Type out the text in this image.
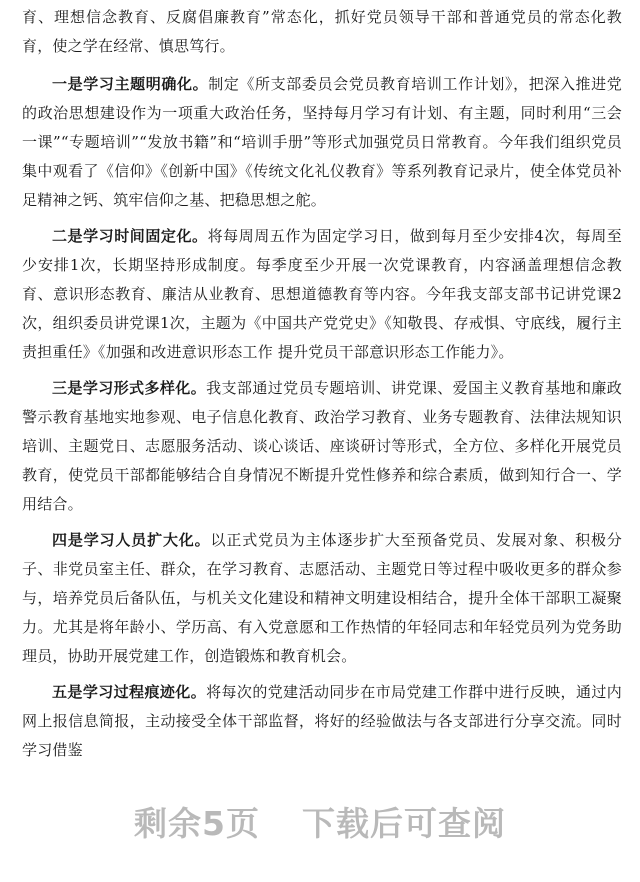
育、理想信念教育、反腐倡廉教育”常态化，抓好党员领导干部和普通党员的常态化教育，使之学在经常、慎思笃行。

一是学习主题明确化。制定《所支部委员会党员教育培训工作计划》，把深入推进党的政治思想建设作为一项重大政治任务，坚持每月学习有计划、有主题，同时利用“三会一课”“专题培训”“发放书籍”和“培训手册”等形式加强党员日常教育。今年我们组织党员集中观看了《信仰》《创新中国》《传统文化礼仪教育》等系列教育记录片，使全体党员补足精神之钙、筑牢信仰之基、把稳思想之舵。

二是学习时间固定化。将每周周五作为固定学习日，做到每月至少安排4次，每周至少安排1次，长期坚持形成制度。每季度至少开展一次党课教育，内容涵盖理想信念教育、意识形态教育、廉洁从业教育、思想道德教育等内容。今年我支部支部书记讲党课2次，组织委员讲党课1次，主题为《中国共产党党史》《知敬畏、存戒惧、守底线，履行主责担重任》《加强和改进意识形态工作 提升党员干部意识形态工作能力》。

三是学习形式多样化。我支部通过党员专题培训、讲党课、爱国主义教育基地和廉政警示教育基地实地参观、电子信息化教育、政治学习教育、业务专题教育、法律法规知识培训、主题党日、志愿服务活动、谈心谈话、座谈研讨等形式，全方位、多样化开展党员教育，使党员干部都能够结合自身情况不断提升党性修养和综合素质，做到知行合一、学用结合。

四是学习人员扩大化。以正式党员为主体逐步扩大至预备党员、发展对象、积极分子、非党员室主任、群众，在学习教育、志愿活动、主题党日等过程中吸收更多的群众参与，培养党员后备队伍，与机关文化建设和精神文明建设相结合，提升全体干部职工凝聚力。尤其是将年龄小、学历高、有入党意愿和工作热情的年轻同志和年轻党员列为党务助理员，协助开展党建工作，创造锻炼和教育机会。

五是学习过程痕迹化。将每次的党建活动同步在市局党建工作群中进行反映，通过内网上报信息简报，主动接受全体干部监督，将好的经验做法与各支部进行分享交流。同时学习借鉴

剩余5页 下载后可查阅
